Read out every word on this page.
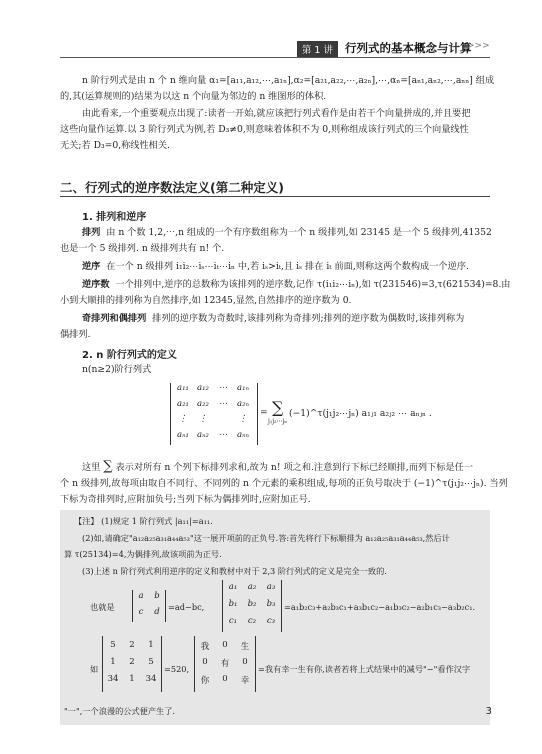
第 1 讲	行列式的基本概念与计算
>>>
n 阶行列式是由 n 个 n 维向量 α₁=[a₁₁,a₁₂,⋯,a₁ₙ],α₂=[a₂₁,a₂₂,⋯,a₂ₙ],⋯,αₙ=[aₙ₁,aₙ₂,⋯,aₙₙ] 组成
的,其(运算规则的)结果为以这 n 个向量为邻边的 n 维图形的体积.
由此看来,一个重要观点出现了:读者一开始,就应该把行列式看作是由若干个向量拼成的,并且要把
这些向量作运算.以 3 阶行列式为例,若 D₃≠0,则意味着体积不为 0,则称组成该行列式的三个向量线性
无关;若 D₃=0,称线性相关.
二、行列式的逆序数法定义(第二种定义)
1. 排列和逆序
排列 由 n 个数 1,2,⋯,n 组成的一个有序数组称为一个 n 级排列,如 23145 是一个 5 级排列,41352
也是一个 5 级排列. n 级排列共有 n! 个.
逆序 在一个 n 级排列 i₁i₂⋯iₛ⋯iₜ⋯iₙ 中,若 iₛ>iₜ,且 iₛ 排在 iₜ 前面,则称这两个数构成一个逆序.
逆序数 一个排列中,逆序的总数称为该排列的逆序数,记作 τ(i₁i₂⋯iₙ),如 τ(231546)=3,τ(621534)=8.由
小到大顺排的排列称为自然排序,如 12345,显然,自然排序的逆序数为 0.
奇排列和偶排列 排列的逆序数为奇数时,该排列称为奇排列;排列的逆序数为偶数时,该排列称为
偶排列.
2. n 阶行列式的定义
n(n≥2)阶行列式
a₁₁ a₁₂	⋯	a₁ₙ
a₂₁ a₂₂	⋯	a₂ₙ
⋮	⋮	⋮
aₙ₁ aₙ₂	⋯	aₙₙ
= ∑
j₁j₂⋯jₙ
(−1)^τ(j₁j₂⋯jₙ) a₁ⱼ₁ a₂ⱼ₂ ⋯ aₙⱼₙ .
这里 ∑ 表示对所有 n 个列下标排列求和,故为 n! 项之和.注意到行下标已经顺排,而列下标是任一
个 n 级排列,故每项由取自不同行、不同列的 n 个元素的乘积组成,每项的正负号取决于 (−1)^τ(j₁j₂⋯jₙ). 当列
下标为奇排列时,应附加负号;当列下标为偶排列时,应附加正号.
【注】 (1)规定 1 阶行列式 |a₁₁|=a₁₁.
(2)如,请确定"a₁₂a₂₅a₃₁a₄₄a₅₃"这一展开项前的正负号.答:首先将行下标顺排为 a₁₂a₂₅a₃₁a₄₄a₅₃,然后计
算 τ(25134)=4,为偶排列,故该项前为正号.
(3)上述 n 阶行列式利用逆序的定义和教材中对于 2,3 阶行列式的定义是完全一致的.
也就是
a	b
c	d	=ad−bc,
a₁	a₂	a₃
b₁	b₂	b₃
c₁	c₂	c₃
=a₁b₂c₃+a₂b₃c₁+a₃b₁c₂−a₁b₃c₂−a₂b₁c₃−a₃b₂c₁.
如
5	2	1
1	2	5
34	1	34
=520,
我	0	生
0	有	0
你	0	幸
=我有幸一生有你,读者若将上式结果中的减号"−"看作汉字
"一",一个浪漫的公式便产生了.	3
